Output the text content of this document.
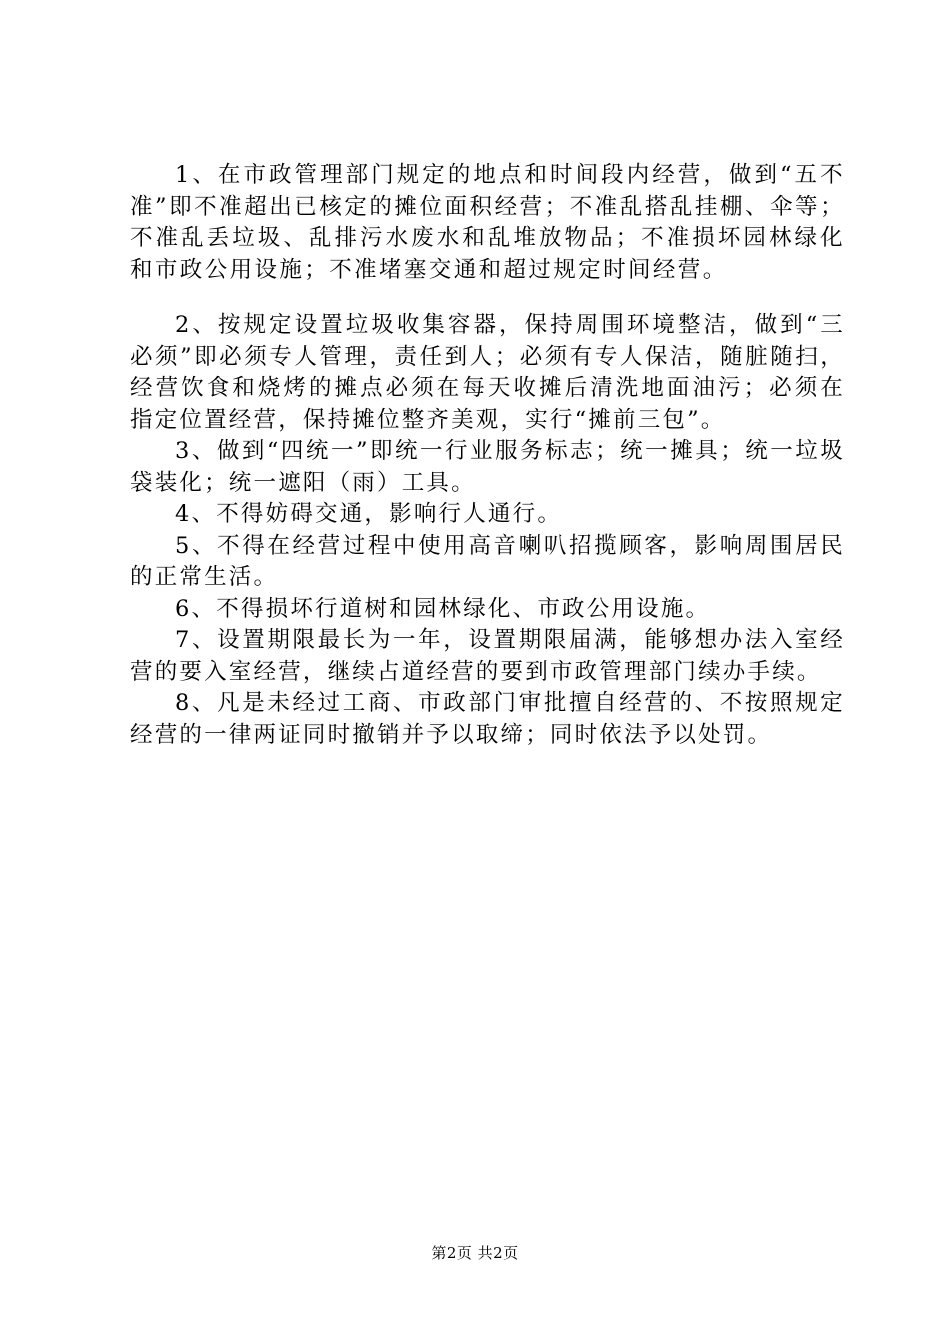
1、在市政管理部门规定的地点和时间段内经营，做到“五不准”即不准超出已核定的摊位面积经营；不准乱搭乱挂棚、伞等；不准乱丢垃圾、乱排污水废水和乱堆放物品；不准损坏园林绿化和市政公用设施；不准堵塞交通和超过规定时间经营。

2、按规定设置垃圾收集容器，保持周围环境整洁，做到“三必须”即必须专人管理，责任到人；必须有专人保洁，随脏随扫，经营饮食和烧烤的摊点必须在每天收摊后清洗地面油污；必须在指定位置经营，保持摊位整齐美观，实行“摊前三包”。

3、做到“四统一”即统一行业服务标志；统一摊具；统一垃圾袋装化；统一遮阳（雨）工具。

4、不得妨碍交通，影响行人通行。

5、不得在经营过程中使用高音喇叭招揽顾客，影响周围居民的正常生活。

6、不得损坏行道树和园林绿化、市政公用设施。

7、设置期限最长为一年，设置期限届满，能够想办法入室经营的要入室经营，继续占道经营的要到市政管理部门续办手续。

8、凡是未经过工商、市政部门审批擅自经营的、不按照规定经营的一律两证同时撤销并予以取缔；同时依法予以处罚。

第2页 共2页
